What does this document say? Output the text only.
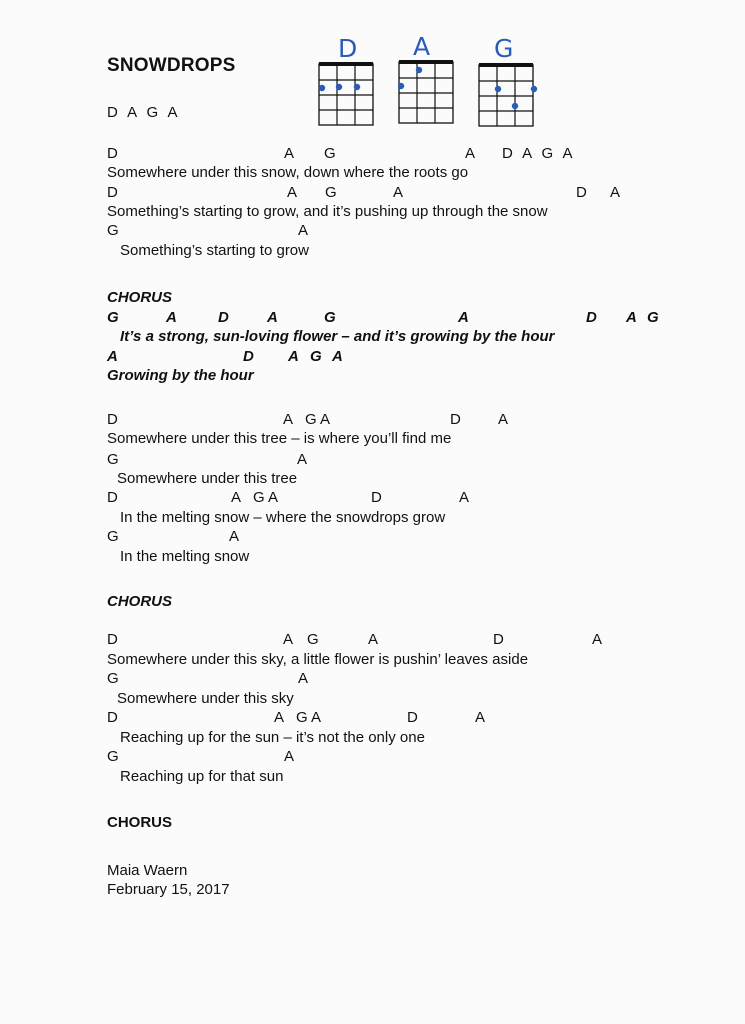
SNOWDROPS
D A G A
D A	G
D	A G	A D A G A
Somewhere under this snow, down where the roots go
D	A G	A	D A
Something’s starting to grow, and it’s pushing up through the snow
G	A
Something’s starting to grow
CHORUS
G	A	D	A	G	A	D A G
It’s a strong, sun-loving flower – and it’s growing by the hour
A	D A G A
Growing by the hour
D	A G A	D A
Somewhere under this tree – is where you’ll find me
G	A
Somewhere under this tree
D	A G A	D	A
In the melting snow – where the snowdrops grow
G	A
In the melting snow
CHORUS
D	A G	A	D	A
Somewhere under this sky, a little flower is pushin’ leaves aside
G	A
Somewhere under this sky
D	A G A	D	A
Reaching up for the sun – it’s not the only one
G	A
Reaching up for that sun
CHORUS
Maia Waern
February 15, 2017
